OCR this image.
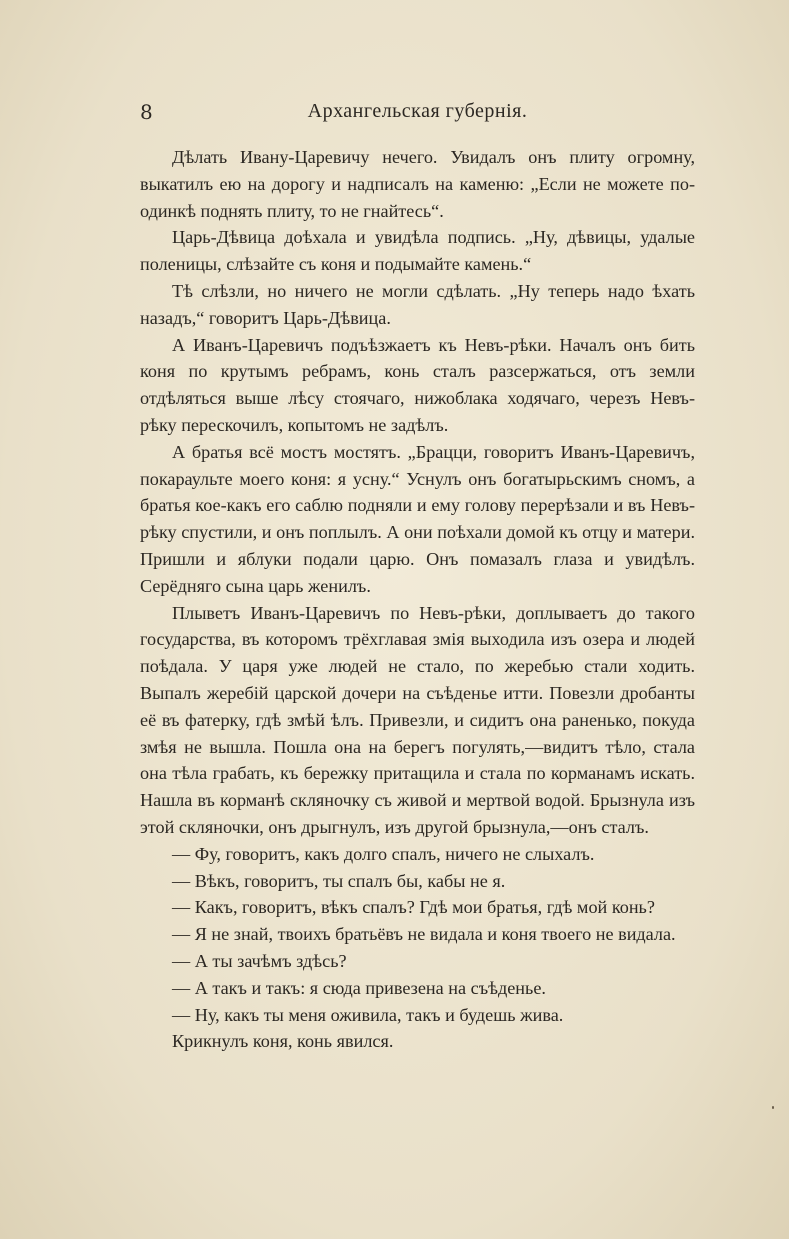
8	Архангельская губернія.

Дѣлать Ивану-Царевичу нечего. Увидалъ онъ плиту огромну, выкатилъ ею на дорогу и надписалъ на каменю: „Если не можете по-одинкѣ поднять плиту, то не гнайтесь“.

Царь-Дѣвица доѣхала и увидѣла подпись. „Ну, дѣвицы, удалые поленицы, слѣзайте съ коня и подымайте камень.“

Тѣ слѣзли, но ничего не могли сдѣлать. „Ну теперь надо ѣхать назадъ,“ говоритъ Царь-Дѣвица.

А Иванъ-Царевичъ подъѣзжаетъ къ Невъ-рѣки. Началъ онъ бить коня по крутымъ ребрамъ, конь сталъ разсержаться, отъ земли отдѣляться выше лѣсу стоячаго, нижоблака ходячаго, черезъ Невъ-рѣку перескочилъ, копытомъ не задѣлъ.

А братья всё мостъ мостятъ. „Брацци, говоритъ Иванъ-Царевичъ, покараульте моего коня: я усну.“ Уснулъ онъ богатырьскимъ сномъ, а братья кое-какъ его саблю подняли и ему голову перерѣзали и въ Невъ-рѣку спустили, и онъ поплылъ. А они поѣхали домой къ отцу и матери. Пришли и яблуки подали царю. Онъ помазалъ глаза и увидѣлъ. Серёдняго сына царь женилъ.

Плыветъ Иванъ-Царевичъ по Невъ-рѣки, доплываетъ до такого государства, въ которомъ трёхглавая змія выходила изъ озера и людей поѣдала. У царя уже людей не стало, по жеребью стали ходить. Выпалъ жеребій царской дочери на съѣденье итти. Повезли дробанты её въ фатерку, гдѣ змѣй ѣлъ. Привезли, и сидитъ она раненько, покуда змѣя не вышла. Пошла она на берегъ погулять,—видитъ тѣло, стала она тѣла грабать, къ бережку притащила и стала по корманамъ искать. Нашла въ корманѣ скляночку съ живой и мертвой водой. Брызнула изъ этой скляночки, онъ дрыгнулъ, изъ другой брызнула,—онъ сталъ.

— Фу, говоритъ, какъ долго спалъ, ничего не слыхалъ.

— Вѣкъ, говоритъ, ты спалъ бы, кабы не я.

— Какъ, говоритъ, вѣкъ спалъ? Гдѣ мои братья, гдѣ мой конь?

— Я не знай, твоихъ братьёвъ не видала и коня твоего не видала.

— А ты зачѣмъ здѣсь?

— А такъ и такъ: я сюда привезена на съѣденье.

— Ну, какъ ты меня оживила, такъ и будешь жива.

Крикнулъ коня, конь явился.
